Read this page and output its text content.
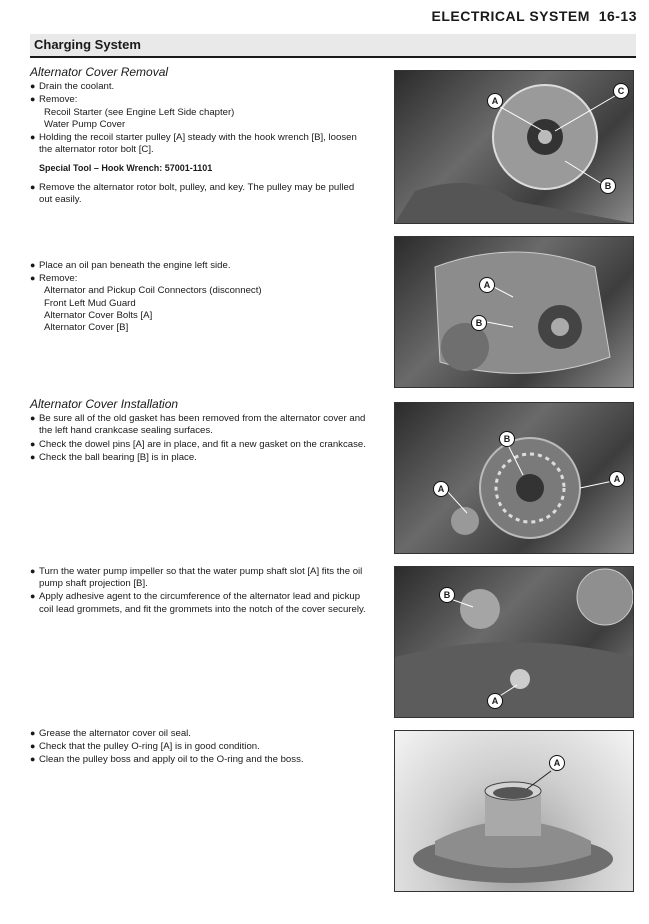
ELECTRICAL SYSTEM 16-13
Charging System
Alternator Cover Removal
● Drain the coolant.
● Remove:
Recoil Starter (see Engine Left Side chapter)
Water Pump Cover
● Holding the recoil starter pulley [A] steady with the hook wrench [B], loosen the alternator rotor bolt [C].
Special Tool – Hook Wrench: 57001-1101
● Remove the alternator rotor bolt, pulley, and key. The pulley may be pulled out easily.
● Place an oil pan beneath the engine left side.
● Remove:
Alternator and Pickup Coil Connectors (disconnect)
Front Left Mud Guard
Alternator Cover Bolts [A]
Alternator Cover [B]
Alternator Cover Installation
● Be sure all of the old gasket has been removed from the alternator cover and the left hand crankcase sealing surfaces.
● Check the dowel pins [A] are in place, and fit a new gasket on the crankcase.
● Check the ball bearing [B] is in place.
● Turn the water pump impeller so that the water pump shaft slot [A] fits the oil pump shaft projection [B].
● Apply adhesive agent to the circumference of the alternator lead and pickup coil lead grommets, and fit the grommets into the notch of the cover securely.
● Grease the alternator cover oil seal.
● Check that the pulley O-ring [A] is in good condition.
● Clean the pulley boss and apply oil to the O-ring and the boss.
A
C
B
A
B
B
A
A
B
A
A
